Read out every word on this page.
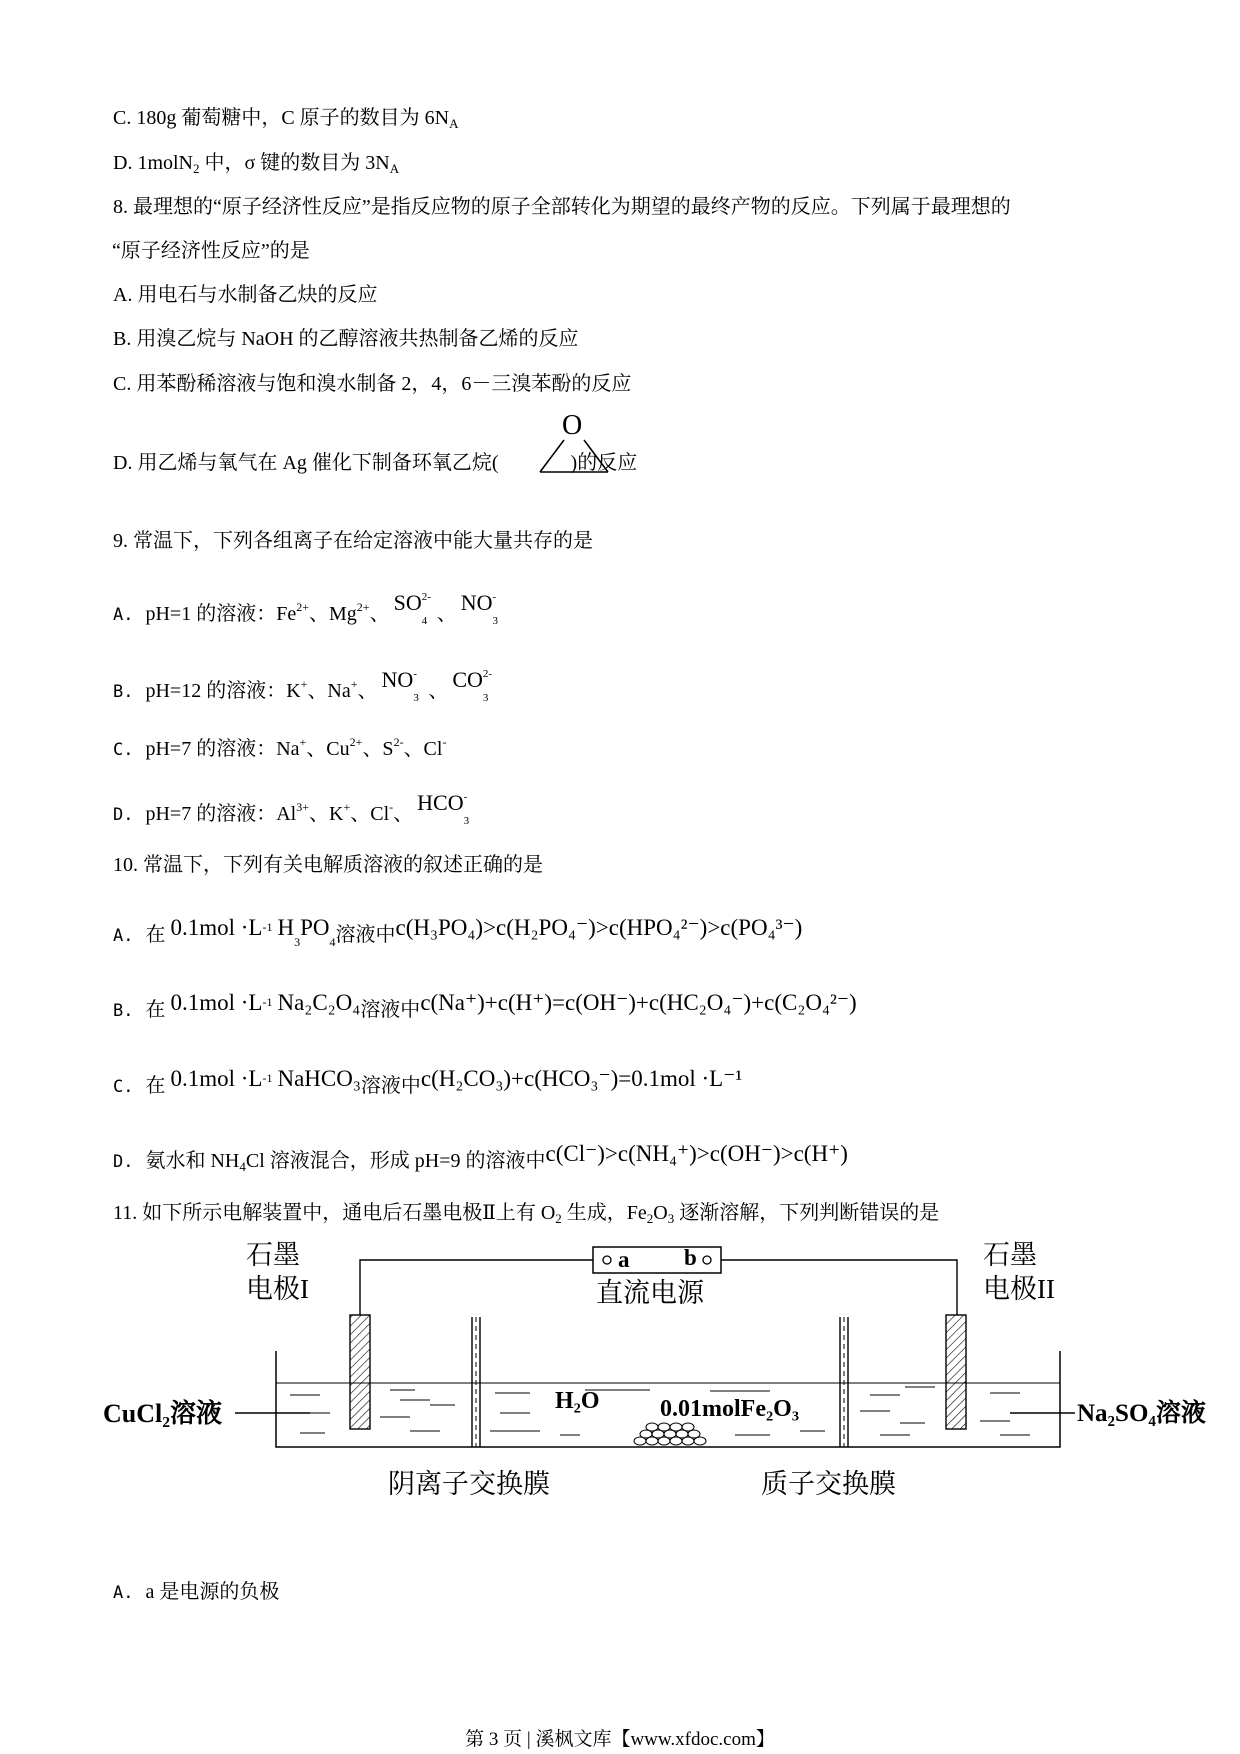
C. 180g 葡萄糖中，C 原子的数目为 $6N_A$
D. 1molN$_2$ 中，σ 键的数目为 $3N_A$
8. 最理想的“原子经济性反应”是指反应物的原子全部转化为期望的最终产物的反应。下列属于最理想的
“原子经济性反应”的是
A. 用电石与水制备乙炔的反应
B. 用溴乙烷与 NaOH 的乙醇溶液共热制备乙烯的反应
C. 用苯酚稀溶液与饱和溴水制备 2，4，6－三溴苯酚的反应
D. 用乙烯与氧气在 Ag 催化下制备环氧乙烷(	)的反应
O
9. 常温下，下列各组离子在给定溶液中能大量共存的是
A. pH=1 的溶液：$Fe^{2+}$、$Mg^{2+}$、 SO 2-
4 、 NO -
3
B. pH=12 的溶液：K+、Na+、 NO -
3 、 CO 2-
3
C. pH=7 的溶液：Na+、$Cu^{2+}$、$S^{2-}$、Cl-
D. pH=7 的溶液：$Al^{3+}$、K+、Cl-、 HCO -
3
10. 常温下，下列有关电解质溶液的叙述正确的是
A. 在 $0.1mol \cdot L^{-1}$ $H_3PO_4$溶液中c(H₃PO₄)>c(H₂PO₄⁻)>c(HPO₄²⁻)>c(PO₄³⁻)
B. 在 $0.1mol \cdot L^{-1}$ Na₂C₂O₄溶液中c(Na⁺)+c(H⁺)=c(OH⁻)+c(HC₂O₄⁻)+c(C₂O₄²⁻)
C. 在 $0.1mol \cdot L^{-1}$ NaHCO₃溶液中c(H₂CO₃)+c(HCO₃⁻)=0.1mol ·L⁻¹
D. 氨水和 $NH_4Cl$ 溶液混合，形成 pH=9 的溶液中c(Cl⁻)>c(NH₄⁺)>c(OH⁻)>c(H⁺)
11. 如下所示电解装置中，通电后石墨电极Ⅱ上有 $O_2$ 生成，$Fe_2O_3$ 逐渐溶解，下列判断错误的是
石墨
电极I
石墨
电极II
a b
直流电源
H₂O	0.01molFe₂O₃
CuCl₂溶液	Na₂SO₄溶液
阴离子交换膜	质子交换膜
A. a 是电源的负极
第 3 页 | 溪枫文库【www.xfdoc.com】
